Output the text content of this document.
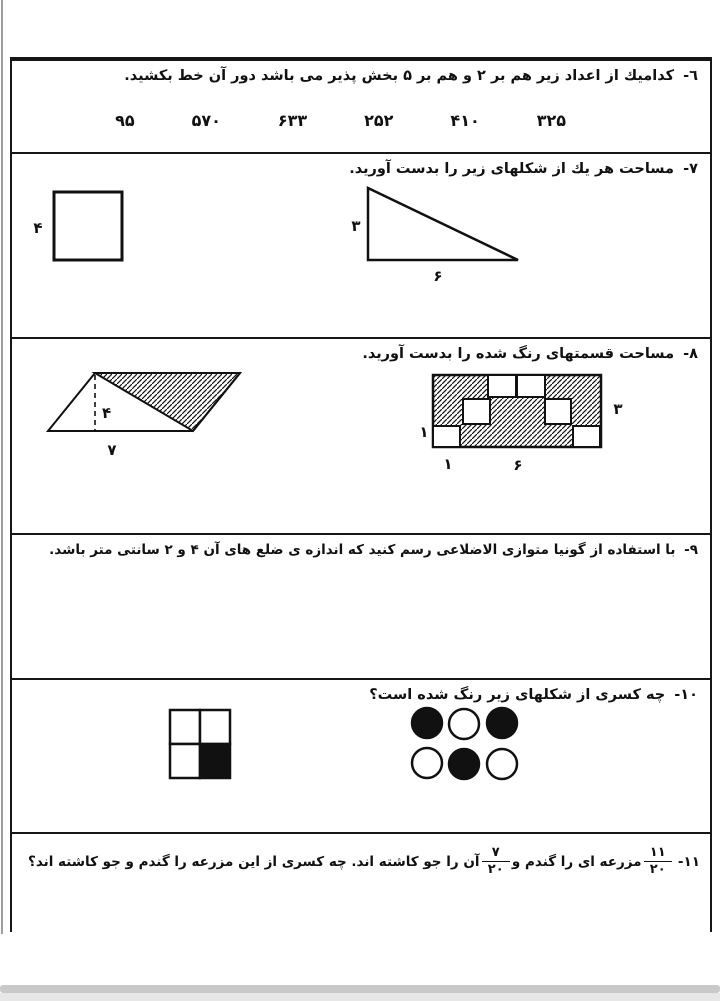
٦- كداميك از اعداد زير هم بر ۲ و هم بر ۵ بخش پذير می باشد دور آن خط بكشيد.
۳۲۵
۴۱۰
۲۵۲
۶۳۳
۵۷۰
۹۵
٧- مساحت هر يك از شكلهای زير را بدست آوريد.
۴	۳
۶
٨- مساحت قسمتهای رنگ شده را بدست آوريد.
۴
۷
۳
۱
۱	۶
٩- با استفاده از گونيا متوازی الاضلاعی رسم كنيد كه اندازه ی ضلع های آن ۴ و ۲ سانتی متر باشد.
١٠- چه كسری از شكلهای زير رنگ شده است؟
١١-
$\frac{۱۱}{۲۰}$
مزرعه ای را گندم و
$\frac{۷}{۲۰}$
آن را جو كاشته اند. چه كسری از اين مزرعه را گندم و جو كاشته اند؟
